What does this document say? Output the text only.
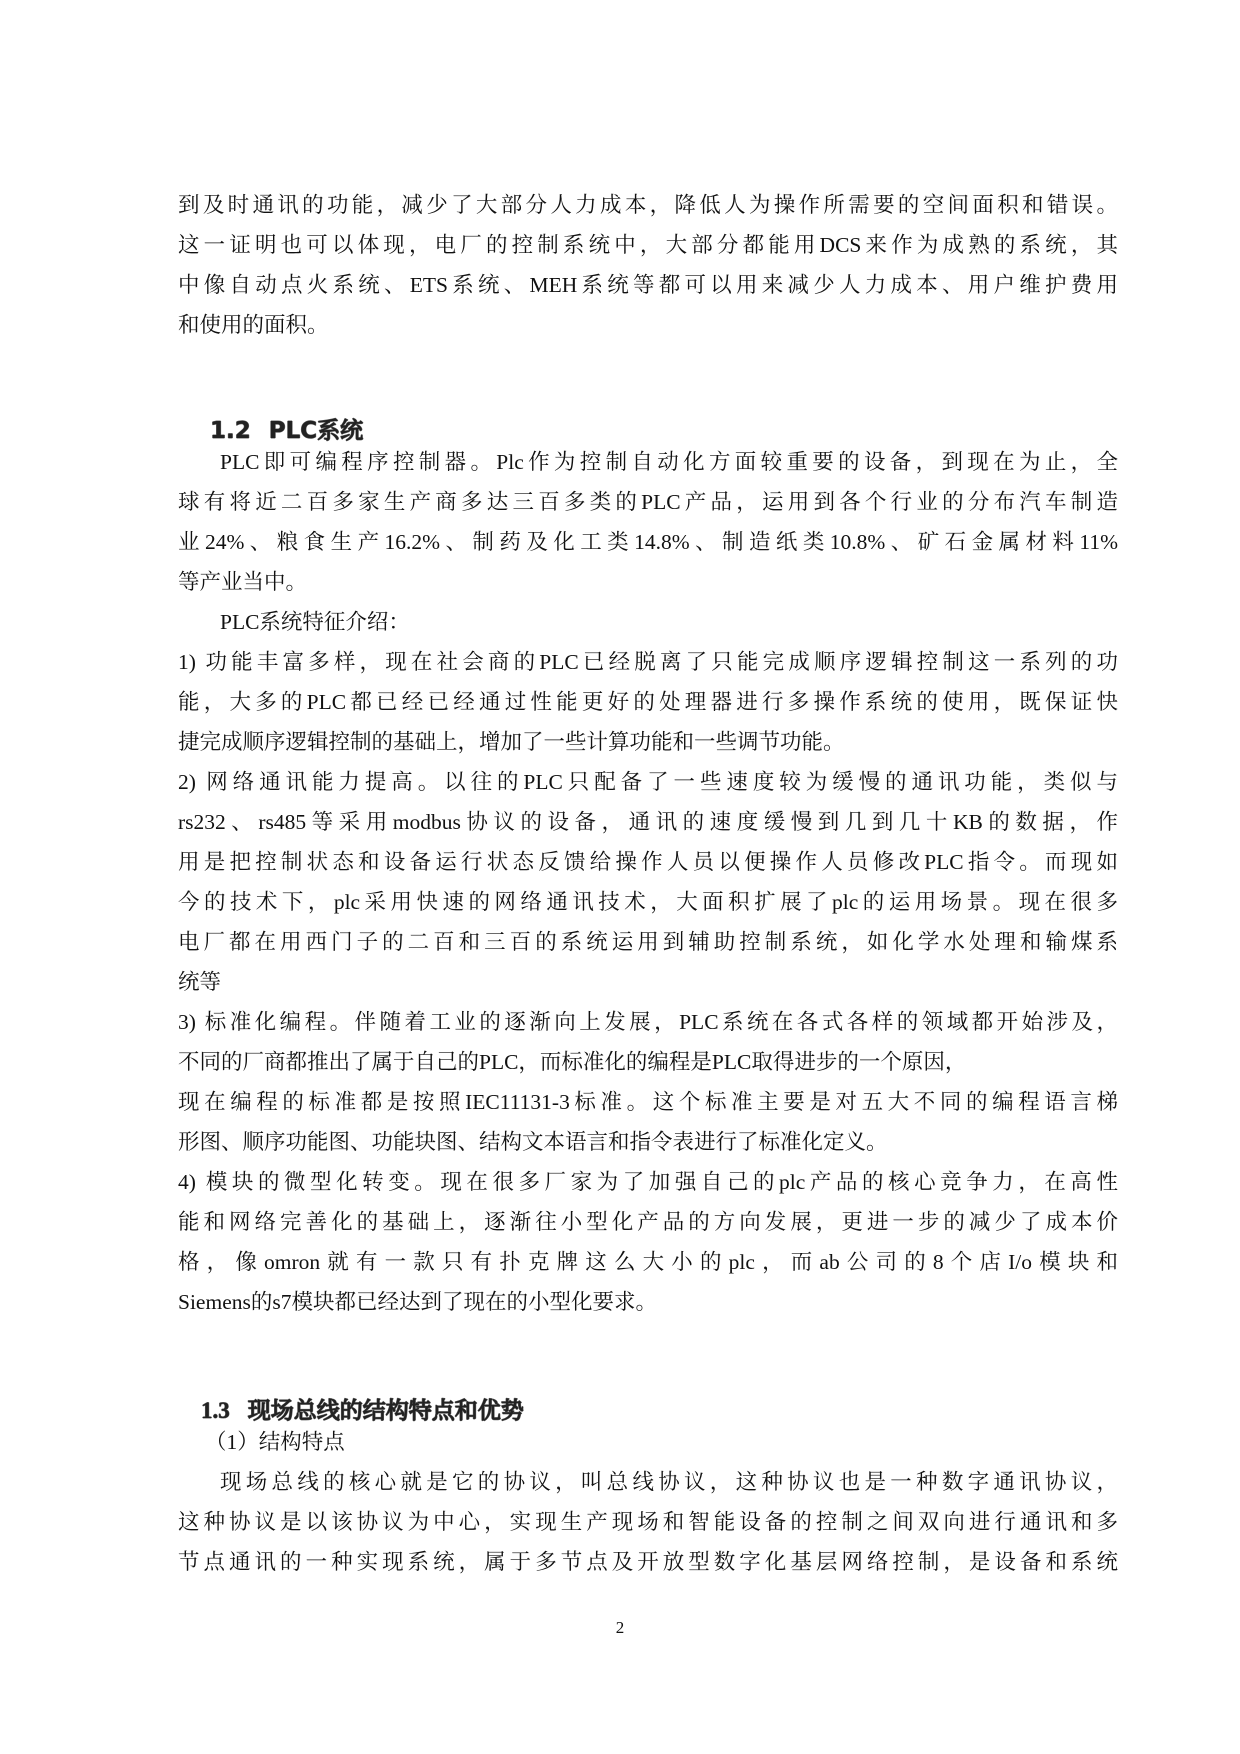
到及时通讯的功能，减少了大部分人力成本，降低人为操作所需要的空间面积和错误。
这一证明也可以体现，电厂的控制系统中，大部分都能用DCS来作为成熟的系统，其
中像自动点火系统、ETS系统、MEH系统等都可以用来减少人力成本、用户维护费用
和使用的面积。

1.2 PLC系统

PLC即可编程序控制器。Plc作为控制自动化方面较重要的设备，到现在为止，全
球有将近二百多家生产商多达三百多类的PLC产品，运用到各个行业的分布汽车制造
业24%、粮食生产16.2%、制药及化工类14.8%、制造纸类10.8%、矿石金属材料11%
等产业当中。
PLC系统特征介绍：
1) 功能丰富多样，现在社会商的PLC已经脱离了只能完成顺序逻辑控制这一系列的功
能，大多的PLC都已经已经通过性能更好的处理器进行多操作系统的使用，既保证快
捷完成顺序逻辑控制的基础上，增加了一些计算功能和一些调节功能。
2) 网络通讯能力提高。以往的PLC只配备了一些速度较为缓慢的通讯功能，类似与
rs232、rs485等采用modbus协议的设备，通讯的速度缓慢到几到几十KB的数据，作
用是把控制状态和设备运行状态反馈给操作人员以便操作人员修改PLC指令。而现如
今的技术下，plc采用快速的网络通讯技术，大面积扩展了plc的运用场景。现在很多
电厂都在用西门子的二百和三百的系统运用到辅助控制系统，如化学水处理和输煤系
统等
3) 标准化编程。伴随着工业的逐渐向上发展，PLC系统在各式各样的领域都开始涉及，
不同的厂商都推出了属于自己的PLC，而标准化的编程是PLC取得进步的一个原因，
现在编程的标准都是按照IEC11131-3标准。这个标准主要是对五大不同的编程语言梯
形图、顺序功能图、功能块图、结构文本语言和指令表进行了标准化定义。
4) 模块的微型化转变。现在很多厂家为了加强自己的plc产品的核心竞争力，在高性
能和网络完善化的基础上，逐渐往小型化产品的方向发展，更进一步的减少了成本价
格，像omron就有一款只有扑克牌这么大小的plc，而ab公司的8个店I/o模块和
Siemens的s7模块都已经达到了现在的小型化要求。

1.3 现场总线的结构特点和优势

（1）结构特点
现场总线的核心就是它的协议，叫总线协议，这种协议也是一种数字通讯协议，
这种协议是以该协议为中心，实现生产现场和智能设备的控制之间双向进行通讯和多
节点通讯的一种实现系统，属于多节点及开放型数字化基层网络控制，是设备和系统
2
